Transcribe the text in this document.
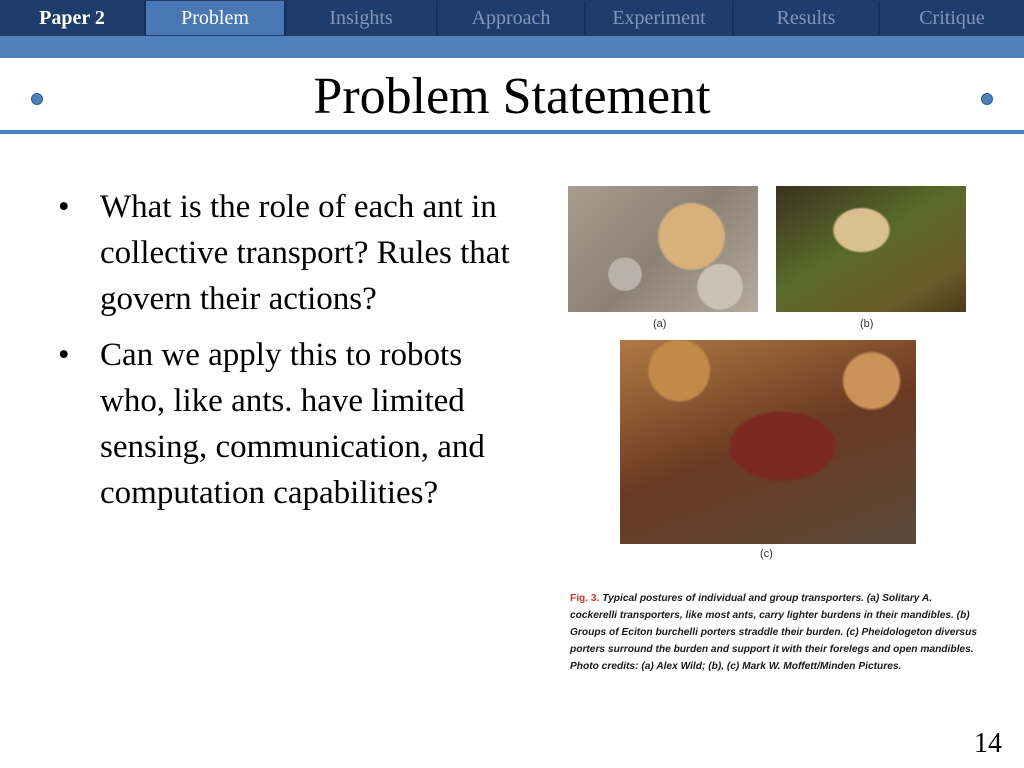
Paper 2	Problem	Insights	Approach	Experiment	Results	Critique
Problem Statement
• What is the role of each ant in collective transport? Rules that govern their actions?
• Can we apply this to robots who, like ants. have limited sensing, communication, and computation capabilities?
(a)	(b)
(c)
Fig. 3. Typical postures of individual and group transporters. (a) Solitary A. cockerelli transporters, like most ants, carry lighter burdens in their mandibles. (b) Groups of Eciton burchelli porters straddle their burden. (c) Pheidologeton diversus porters surround the burden and support it with their forelegs and open mandibles. Photo credits: (a) Alex Wild; (b), (c) Mark W. Moffett/Minden Pictures.
14
